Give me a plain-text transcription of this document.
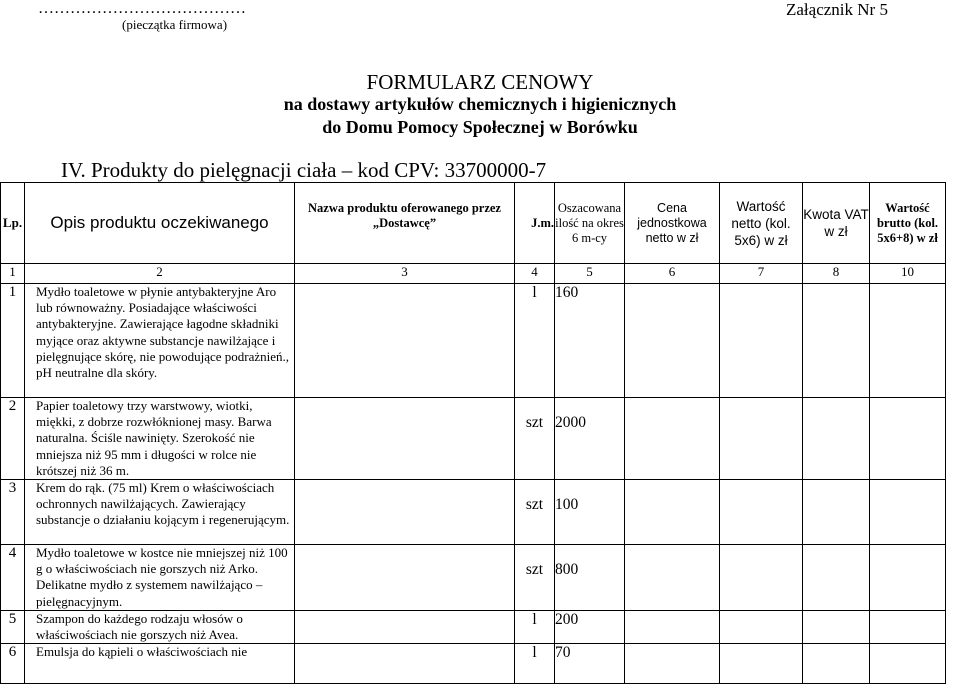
…………………………………
(pieczątka firmowa)
Załącznik Nr 5
FORMULARZ CENOWY
na dostawy artykułów chemicznych i higienicznych
do Domu Pomocy Społecznej w Borówku
IV. Produkty do pielęgnacji ciała – kod CPV: 33700000-7
Lp.	Opis produktu oczekiwanego	Nazwa produktu oferowanego przez „Dostawcę”	J.m.	Oszacowana ilość na okres 6 m-cy	Cena jednostkowa netto w zł	Wartość netto (kol. 5x6) w zł	Kwota VAT w zł	Wartość brutto (kol. 5x6+8) w zł
1	2	3	4	5	6	7	8	10
1	Mydło toaletowe w płynie antybakteryjne Aro lub równoważny. Posiadające właściwości antybakteryjne. Zawierające łagodne składniki myjące oraz aktywne substancje nawilżające i pielęgnujące skórę, nie powodujące podrażnień., pH neutralne dla skóry.		l	160				
2	Papier toaletowy trzy warstwowy, wiotki, miękki, z dobrze rozwłóknionej masy. Barwa naturalna. Ściśle nawinięty. Szerokość nie mniejsza niż 95 mm i długości w rolce nie krótszej niż 36 m.		szt	2000				
3	Krem do rąk. (75 ml) Krem o właściwościach ochronnych nawilżających. Zawierający substancje o działaniu kojącym i regenerującym.		szt	100				
4	Mydło toaletowe w kostce nie mniejszej niż 100 g o właściwościach nie gorszych niż Arko. Delikatne mydło z systemem nawilżająco – pielęgnacyjnym.		szt	800				
5	Szampon do każdego rodzaju włosów o właściwościach nie gorszych niż Avea.		l	200				
6	Emulsja do kąpieli o właściwościach nie		l	70				
